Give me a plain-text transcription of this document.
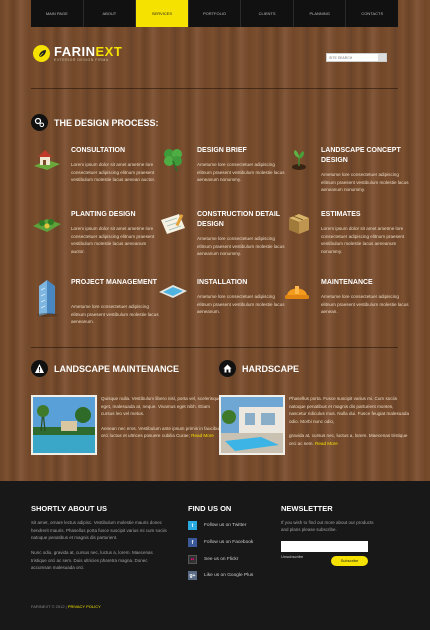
MAIN PAGE	ABOUT	SERVICES	PORTFOLIO	CLIENTS	PLANNING	CONTACTS
FARINEXT
EXTERIOR DESIGN FIRMA	SITE SEARCH
THE DESIGN PROCESS:
CONSULTATION
Lorem ipsum dolor sit amet ametme lore consectetuer adipiscing elitnum praesent vestibulum molestie lacus aenean auctor.
DESIGN BRIEF
Ametume lore consectetuer adipiscing elitnum praesent vestibulum molestie lacus aeneanum nonummy.
LANDSCAPE CONCEPT DESIGN
Ametume lore consectetuer adipiscing elitnum praesent vestibulum molestie lacus aeneanum nonummy.
PLANTING DESIGN
Lorem ipsum dolor sit amet ametme lore consectetuer adipiscing elitnum praesent vestibulum molestie lacus aeneanum auctor.
CONSTRUCTION DETAIL DESIGN
Ametume lore consectetuer adipiscing elitnum praesent vestibulum molestie lacus aeneanum nonummy.
ESTIMATES
Lorem ipsum dolor sit amet ametme lore consectetuer adipiscing elitnum praesent vestibulum molestie lacus aeneanum nonummy.
PROJECT MANAGEMENT
Ametume lore consectetuer adipiscing elitnum praesent vestibulum molestie lacus aeneanum.
INSTALLATION
Ametume lore consectetuer adipiscing elitnum praesent vestibulum molestie lacus aeneanum.
MAINTENANCE
Ametume lore consectetuer adipiscing elitnum praesent vestibulum molestie lacus aenean.
LANDSCAPE MAINTENANCE
Quisque nulla. Vestibulum libero nisl, porta vel, scelerisque eget, malesuada at, neque. Vivamus eget nibh. Etiam cursus leo vel metus.
Aenean nec eros. Vestibulum ante ipsum primis in faucibus orci luctus et ultrices posuere cubilia Curae; Read More
HARDSCAPE
Phasellus porta. Fusce suscipit varius mi. Cum sociis natoque penatibus et magnis dis parturient montes, nascetur ridiculus mus. Nulla dui. Fusce feugiat malesuada odio. Morbi nunc odio,
gravida at, cursus nec, luctus a, lorem. Maecenas tristique orci ac sem. Read More
SHORTLY ABOUT US
Sit amet, ornare lectus adipisc. Vestibulum molestie mauris donec hendrerit mauris. Phasellus porta fusce suscipit varius mi cum sociis natoque penatibus et magnis dis parturient.
Nunc odio, gravida at, cursus nec, luctus a, lorem. Maecenas tristique orci ac sem. Duis ultricies pharetra magna. Donec accumsan malesuada orci.
FIND US ON
t Follow us on Twitter
f Follow us on Facebook
•• See us on Flickr
g+ Like us on Google Plus
NEWSLETTER
If you wish to find out more about our products and plans please subscribe.
Unsubscribe
Subscribe
FARINEXT © 2012 | PRIVACY POLICY
